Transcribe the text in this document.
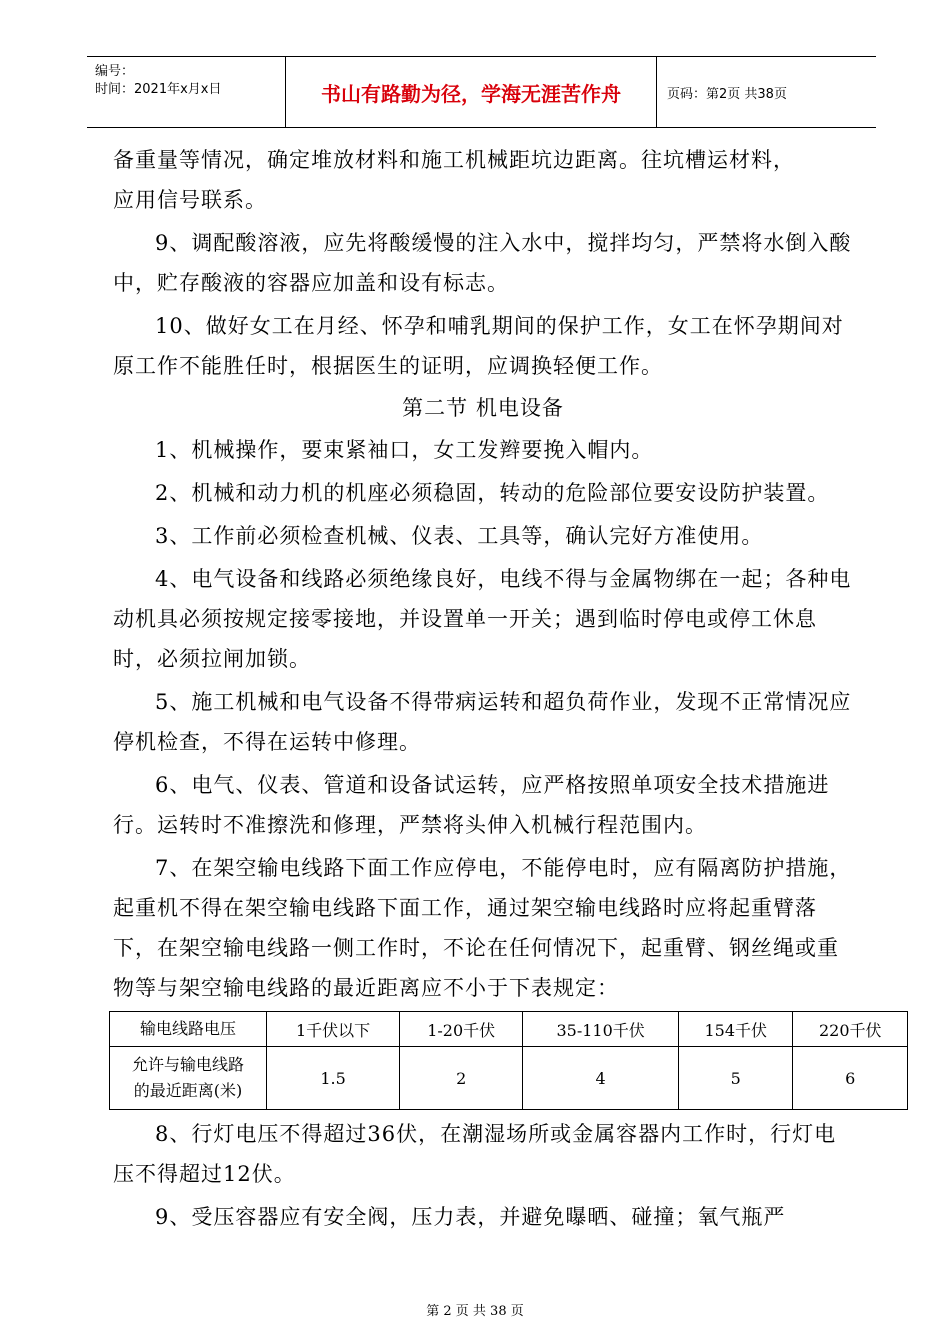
编号：
时间：2021年x月x日	书山有路勤为径，学海无涯苦作舟	页码：第2页 共38页

备重量等情况，确定堆放材料和施工机械距坑边距离。往坑槽运材料，
应用信号联系。

9、调配酸溶液，应先将酸缓慢的注入水中，搅拌均匀，严禁将水倒入酸中，贮存酸液的容器应加盖和设有标志。

10、做好女工在月经、怀孕和哺乳期间的保护工作，女工在怀孕期间对原工作不能胜任时，根据医生的证明，应调换轻便工作。

第二节 机电设备

1、机械操作，要束紧袖口，女工发辫要挽入帽内。

2、机械和动力机的机座必须稳固，转动的危险部位要安设防护装置。

3、工作前必须检查机械、仪表、工具等，确认完好方准使用。

4、电气设备和线路必须绝缘良好，电线不得与金属物绑在一起；各种电动机具必须按规定接零接地，并设置单一开关；遇到临时停电或停工休息时，必须拉闸加锁。

5、施工机械和电气设备不得带病运转和超负荷作业，发现不正常情况应停机检查，不得在运转中修理。

6、电气、仪表、管道和设备试运转，应严格按照单项安全技术措施进行。运转时不准擦洗和修理，严禁将头伸入机械行程范围内。

7、在架空输电线路下面工作应停电，不能停电时，应有隔离防护措施，起重机不得在架空输电线路下面工作，通过架空输电线路时应将起重臂落下，在架空输电线路一侧工作时，不论在任何情况下，起重臂、钢丝绳或重物等与架空输电线路的最近距离应不小于下表规定：

输电线路电压	1千伏以下	1-20千伏	35-110千伏	154千伏	220千伏
允许与输电线路
的最近距离(米)	1.5	2	4	5	6

8、行灯电压不得超过36伏，在潮湿场所或金属容器内工作时，行灯电压不得超过12伏。

9、受压容器应有安全阀，压力表，并避免曝晒、碰撞；氧气瓶严

第 2 页 共 38 页
